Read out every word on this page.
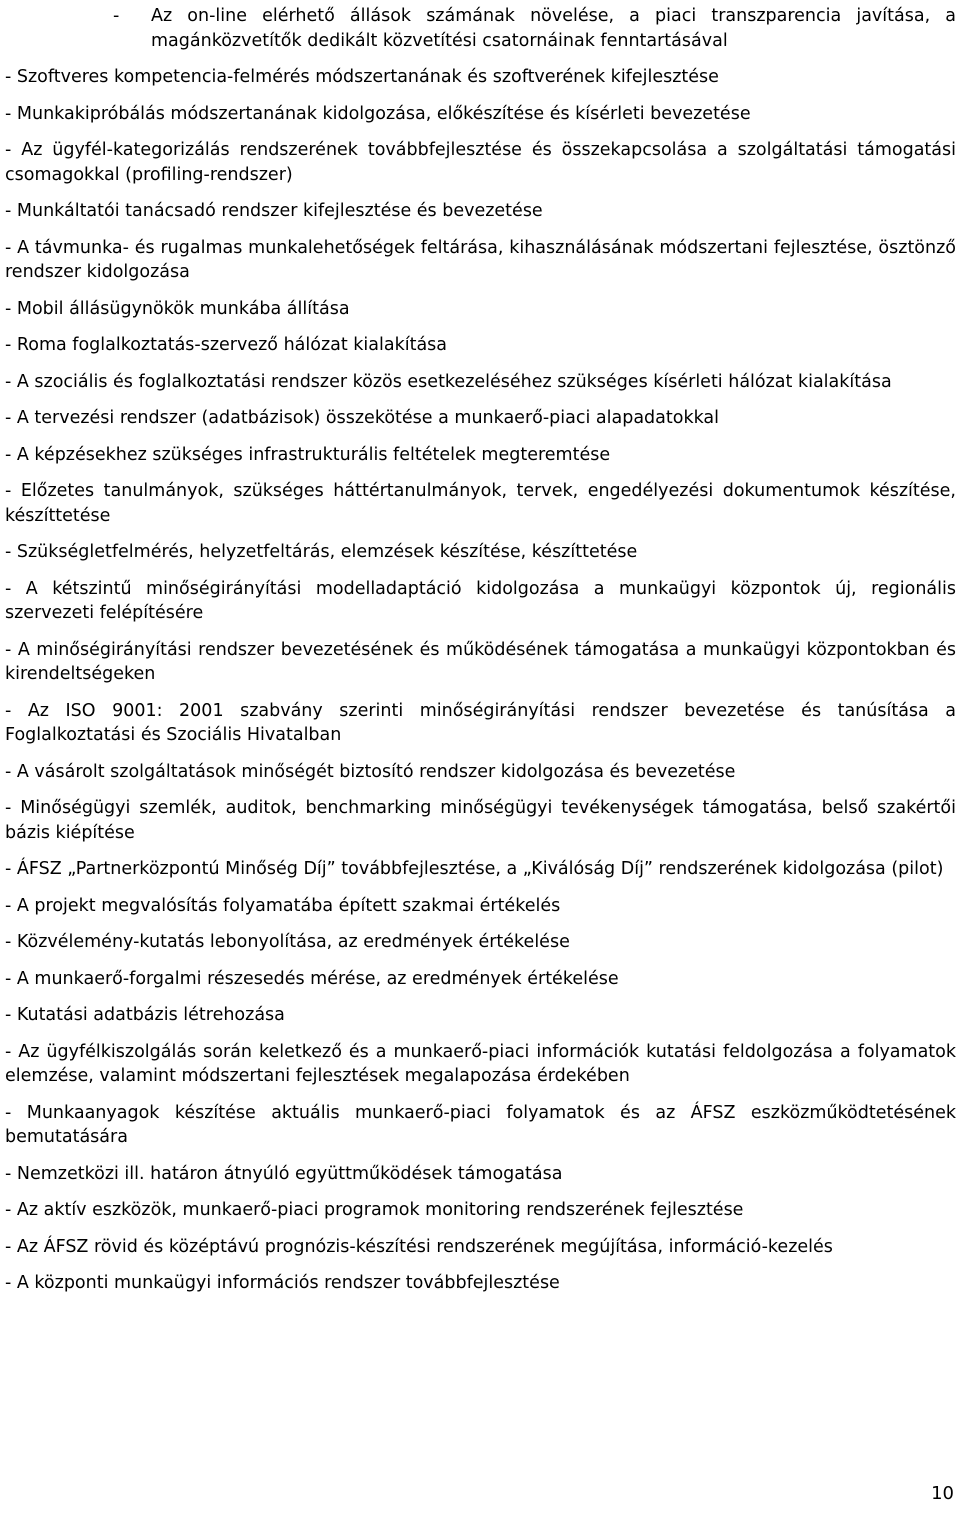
-	Az on-line elérhető állások számának növelése, a piaci transzparencia javítása, a magánközvetítők dedikált közvetítési csatornáinak fenntartásával
- Szoftveres kompetencia-felmérés módszertanának és szoftverének kifejlesztése
- Munkakipróbálás módszertanának kidolgozása, előkészítése és kísérleti bevezetése
- Az ügyfél-kategorizálás rendszerének továbbfejlesztése és összekapcsolása a szolgáltatási támogatási csomagokkal (profiling-rendszer)
- Munkáltatói tanácsadó rendszer kifejlesztése és bevezetése
- A távmunka- és rugalmas munkalehetőségek feltárása, kihasználásának módszertani fejlesztése, ösztönző rendszer kidolgozása
- Mobil állásügynökök munkába állítása
- Roma foglalkoztatás-szervező hálózat kialakítása
- A szociális és foglalkoztatási rendszer közös esetkezeléséhez szükséges kísérleti hálózat kialakítása
- A tervezési rendszer (adatbázisok) összekötése a munkaerő-piaci alapadatokkal
- A képzésekhez szükséges infrastrukturális feltételek megteremtése
- Előzetes tanulmányok, szükséges háttértanulmányok, tervek, engedélyezési dokumentumok készítése, készíttetése
- Szükségletfelmérés, helyzetfeltárás, elemzések készítése, készíttetése
- A kétszintű minőségirányítási modelladaptáció kidolgozása a munkaügyi központok új, regionális szervezeti felépítésére
- A minőségirányítási rendszer bevezetésének és működésének támogatása a munkaügyi központokban és kirendeltségeken
- Az ISO 9001: 2001 szabvány szerinti minőségirányítási rendszer bevezetése és tanúsítása a Foglalkoztatási és Szociális Hivatalban
- A vásárolt szolgáltatások minőségét biztosító rendszer kidolgozása és bevezetése
- Minőségügyi szemlék, auditok, benchmarking minőségügyi tevékenységek támogatása, belső szakértői bázis kiépítése
- ÁFSZ „Partnerközpontú Minőség Díj” továbbfejlesztése, a „Kiválóság Díj” rendszerének kidolgozása (pilot)
- A projekt megvalósítás folyamatába épített szakmai értékelés
- Közvélemény-kutatás lebonyolítása, az eredmények értékelése
- A munkaerő-forgalmi részesedés mérése, az eredmények értékelése
- Kutatási adatbázis létrehozása
- Az ügyfélkiszolgálás során keletkező és a munkaerő-piaci információk kutatási feldolgozása a folyamatok elemzése, valamint módszertani fejlesztések megalapozása érdekében
- Munkaanyagok készítése aktuális munkaerő-piaci folyamatok és az ÁFSZ eszközműködtetésének bemutatására
- Nemzetközi ill. határon átnyúló együttműködések támogatása
- Az aktív eszközök, munkaerő-piaci programok monitoring rendszerének fejlesztése
- Az ÁFSZ rövid és középtávú prognózis-készítési rendszerének megújítása, információ-kezelés
- A központi munkaügyi információs rendszer továbbfejlesztése
10
